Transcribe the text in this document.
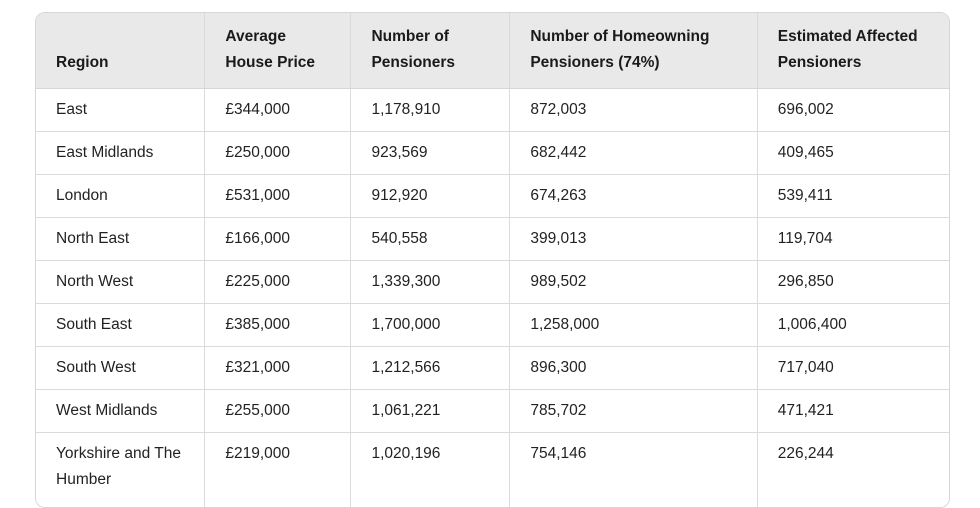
Region	Average House Price	Number of Pensioners	Number of Homeowning Pensioners (74%)	Estimated Affected Pensioners
East	£344,000	1,178,910	872,003	696,002
East Midlands	£250,000	923,569	682,442	409,465
London	£531,000	912,920	674,263	539,411
North East	£166,000	540,558	399,013	119,704
North West	£225,000	1,339,300	989,502	296,850
South East	£385,000	1,700,000	1,258,000	1,006,400
South West	£321,000	1,212,566	896,300	717,040
West Midlands	£255,000	1,061,221	785,702	471,421
Yorkshire and The Humber	£219,000	1,020,196	754,146	226,244
